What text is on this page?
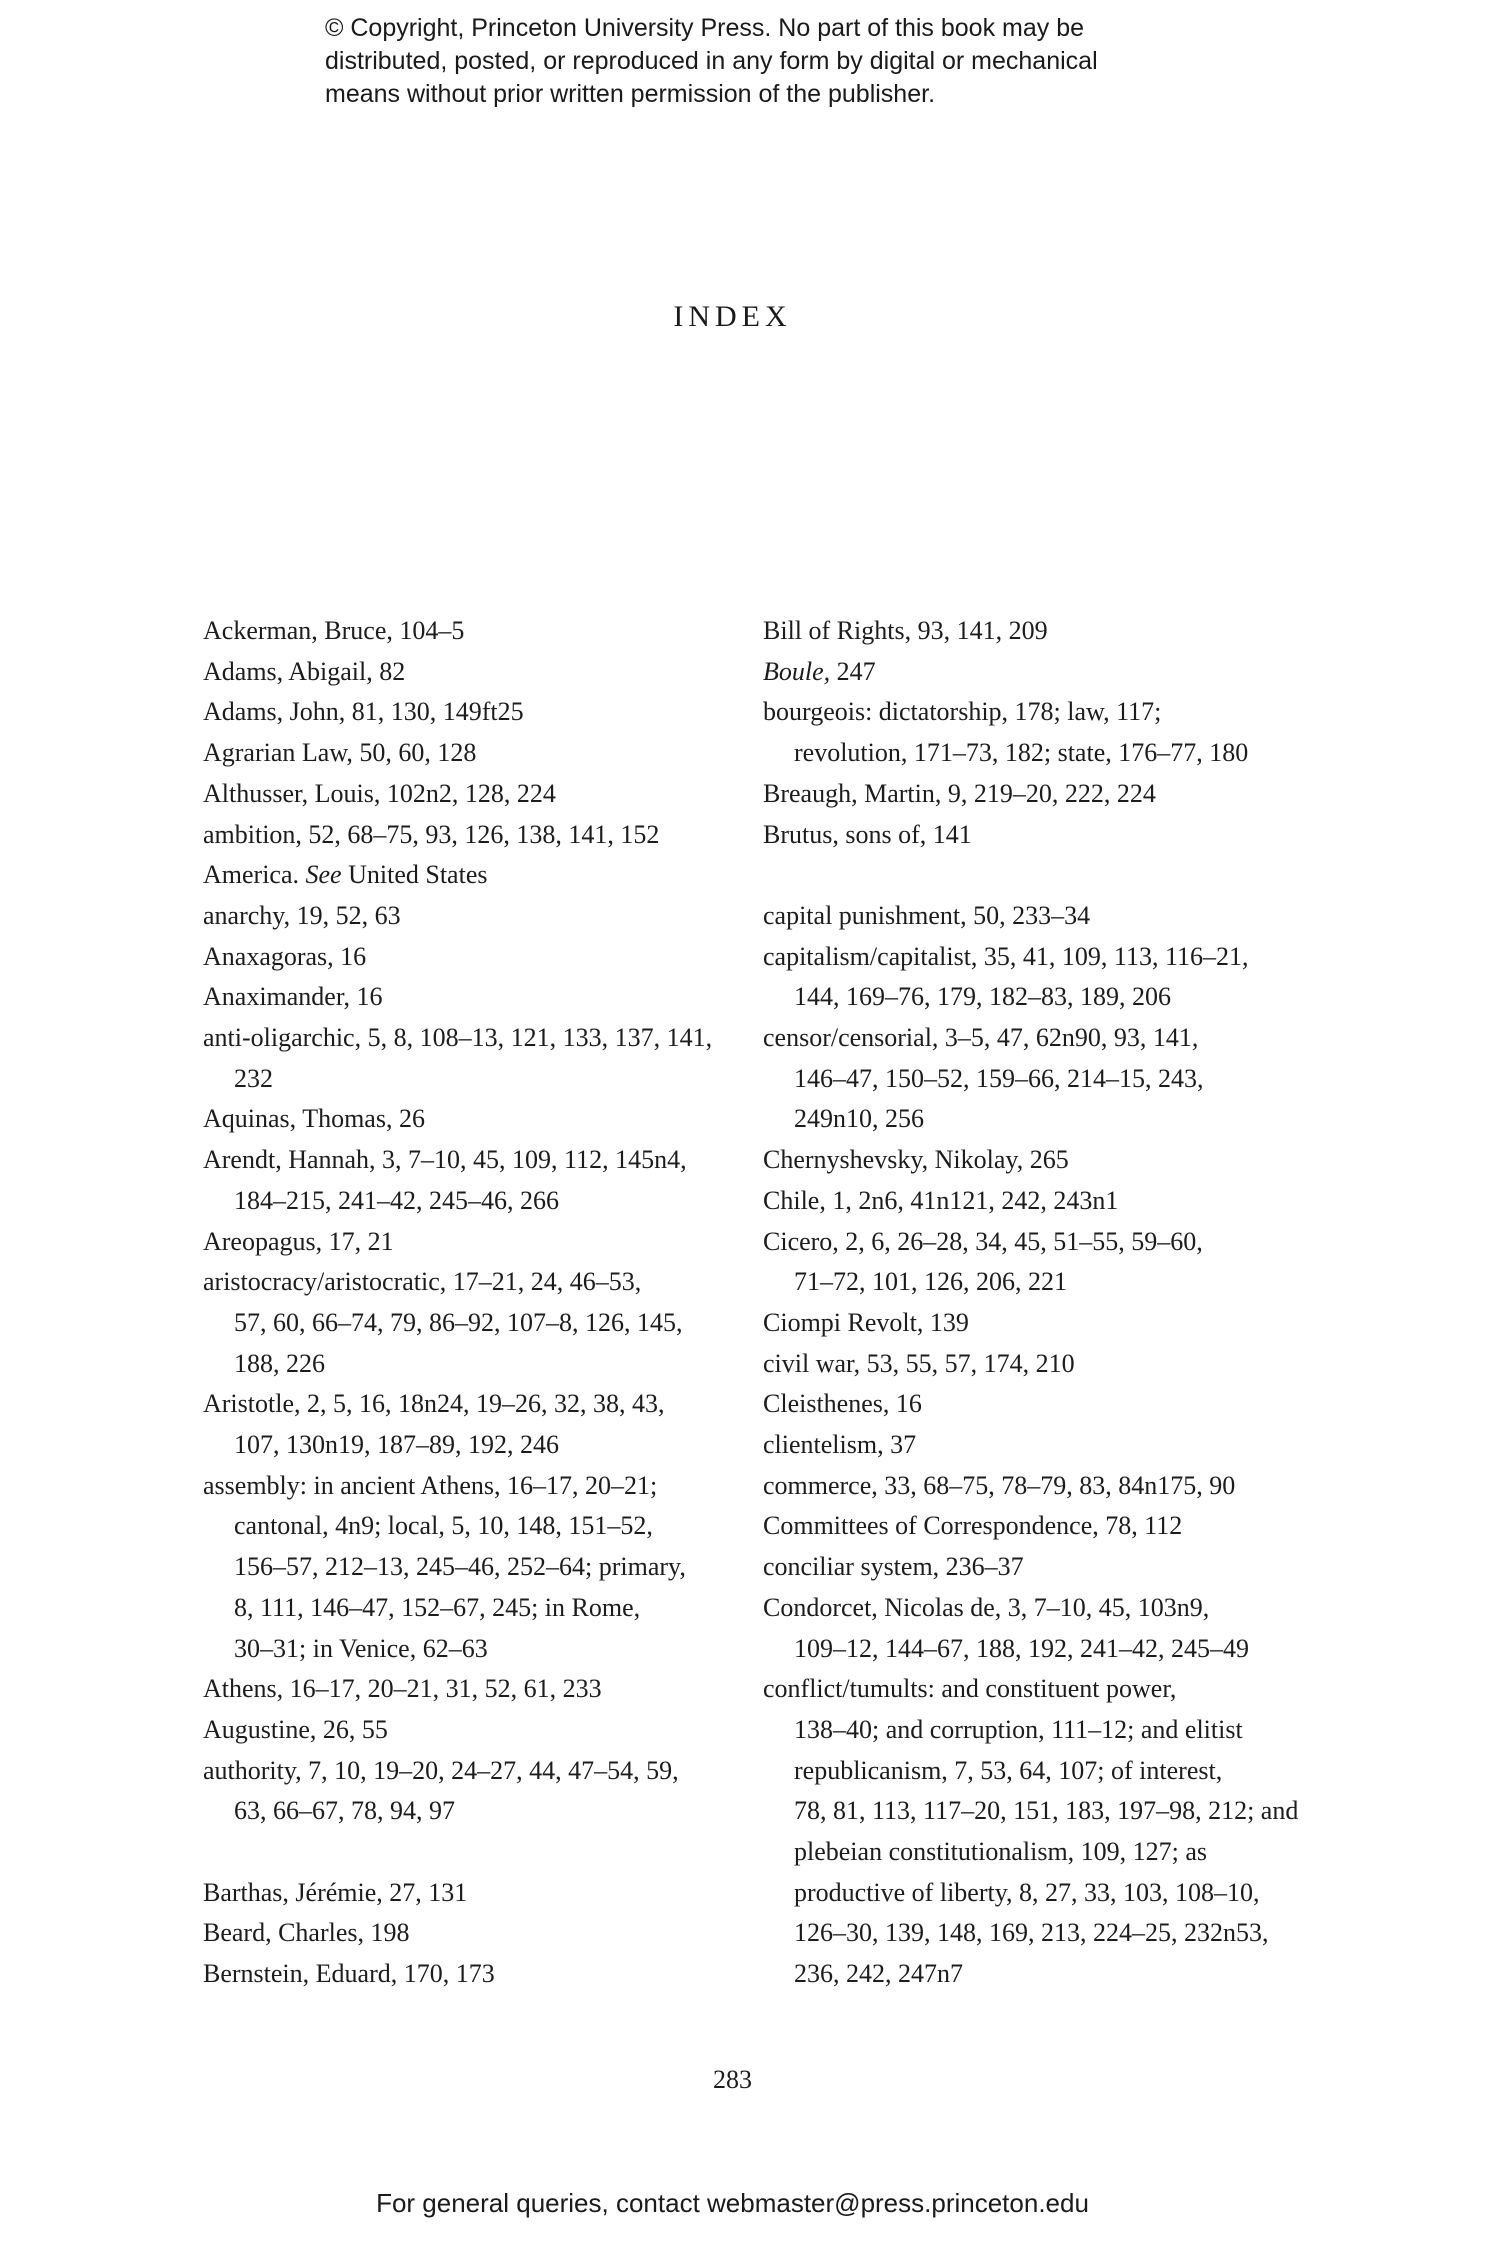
© Copyright, Princeton University Press. No part of this book may be
distributed, posted, or reproduced in any form by digital or mechanical
means without prior written permission of the publisher.
INDEX
Ackerman, Bruce, 104–5
Adams, Abigail, 82
Adams, John, 81, 130, 149ft25
Agrarian Law, 50, 60, 128
Althusser, Louis, 102n2, 128, 224
ambition, 52, 68–75, 93, 126, 138, 141, 152
America. See United States
anarchy, 19, 52, 63
Anaxagoras, 16
Anaximander, 16
anti-oligarchic, 5, 8, 108–13, 121, 133, 137, 141,
232
Aquinas, Thomas, 26
Arendt, Hannah, 3, 7–10, 45, 109, 112, 145n4,
184–215, 241–42, 245–46, 266
Areopagus, 17, 21
aristocracy/aristocratic, 17–21, 24, 46–53,
57, 60, 66–74, 79, 86–92, 107–8, 126, 145,
188, 226
Aristotle, 2, 5, 16, 18n24, 19–26, 32, 38, 43,
107, 130n19, 187–89, 192, 246
assembly: in ancient Athens, 16–17, 20–21;
cantonal, 4n9; local, 5, 10, 148, 151–52,
156–57, 212–13, 245–46, 252–64; primary,
8, 111, 146–47, 152–67, 245; in Rome,
30–31; in Venice, 62–63
Athens, 16–17, 20–21, 31, 52, 61, 233
Augustine, 26, 55
authority, 7, 10, 19–20, 24–27, 44, 47–54, 59,
63, 66–67, 78, 94, 97
Barthas, Jérémie, 27, 131
Beard, Charles, 198
Bernstein, Eduard, 170, 173
Bill of Rights, 93, 141, 209
Boule, 247
bourgeois: dictatorship, 178; law, 117;
revolution, 171–73, 182; state, 176–77, 180
Breaugh, Martin, 9, 219–20, 222, 224
Brutus, sons of, 141
capital punishment, 50, 233–34
capitalism/capitalist, 35, 41, 109, 113, 116–21,
144, 169–76, 179, 182–83, 189, 206
censor/censorial, 3–5, 47, 62n90, 93, 141,
146–47, 150–52, 159–66, 214–15, 243,
249n10, 256
Chernyshevsky, Nikolay, 265
Chile, 1, 2n6, 41n121, 242, 243n1
Cicero, 2, 6, 26–28, 34, 45, 51–55, 59–60,
71–72, 101, 126, 206, 221
Ciompi Revolt, 139
civil war, 53, 55, 57, 174, 210
Cleisthenes, 16
clientelism, 37
commerce, 33, 68–75, 78–79, 83, 84n175, 90
Committees of Correspondence, 78, 112
conciliar system, 236–37
Condorcet, Nicolas de, 3, 7–10, 45, 103n9,
109–12, 144–67, 188, 192, 241–42, 245–49
conflict/tumults: and constituent power,
138–40; and corruption, 111–12; and elitist
republicanism, 7, 53, 64, 107; of interest,
78, 81, 113, 117–20, 151, 183, 197–98, 212; and
plebeian constitutionalism, 109, 127; as
productive of liberty, 8, 27, 33, 103, 108–10,
126–30, 139, 148, 169, 213, 224–25, 232n53,
236, 242, 247n7
283
For general queries, contact webmaster@press.princeton.edu
